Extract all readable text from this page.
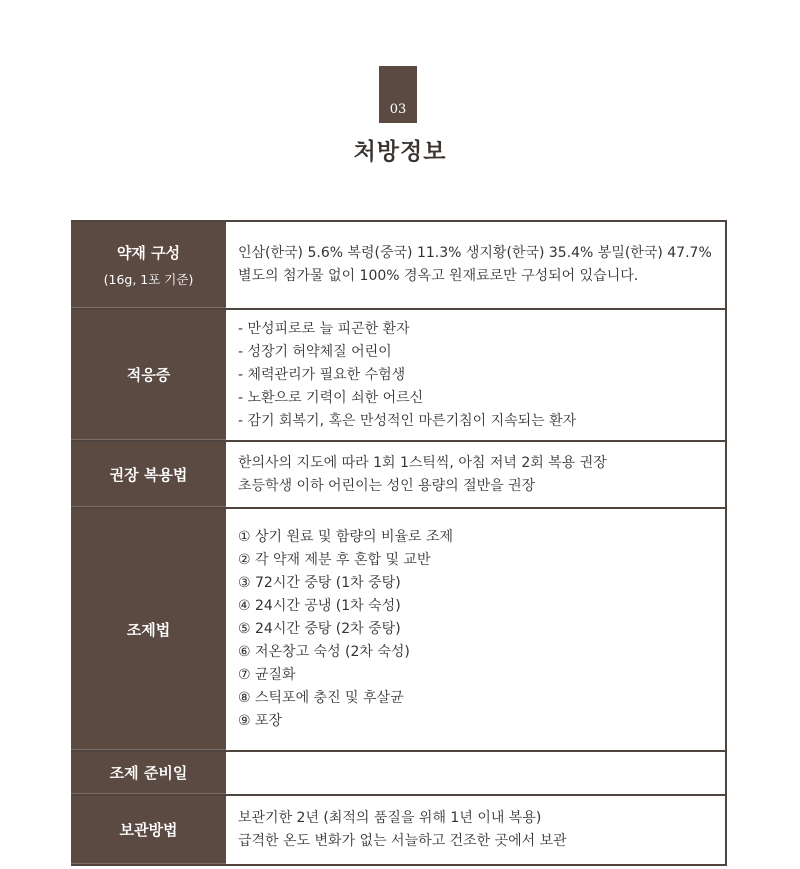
03
처방정보
약재 구성
(16g, 1포 기준)
인삼(한국) 5.6% 복령(중국) 11.3% 생지황(한국) 35.4% 봉밀(한국) 47.7%
별도의 첨가물 없이 100% 경옥고 원재료로만 구성되어 있습니다.
적응증
- 만성피로로 늘 피곤한 환자
- 성장기 허약체질 어린이
- 체력관리가 필요한 수험생
- 노환으로 기력이 쇠한 어르신
- 감기 회복기, 혹은 만성적인 마른기침이 지속되는 환자
권장 복용법
한의사의 지도에 따라 1회 1스틱씩, 아침 저녁 2회 복용 권장
초등학생 이하 어린이는 성인 용량의 절반을 권장
조제법
① 상기 원료 및 함량의 비율로 조제
② 각 약재 제분 후 혼합 및 교반
③ 72시간 중탕 (1차 중탕)
④ 24시간 공냉 (1차 숙성)
⑤ 24시간 중탕 (2차 중탕)
⑥ 저온창고 숙성 (2차 숙성)
⑦ 균질화
⑧ 스틱포에 충진 및 후살균
⑨ 포장
조제 준비일
보관방법
보관기한 2년 (최적의 품질을 위해 1년 이내 복용)
급격한 온도 변화가 없는 서늘하고 건조한 곳에서 보관
